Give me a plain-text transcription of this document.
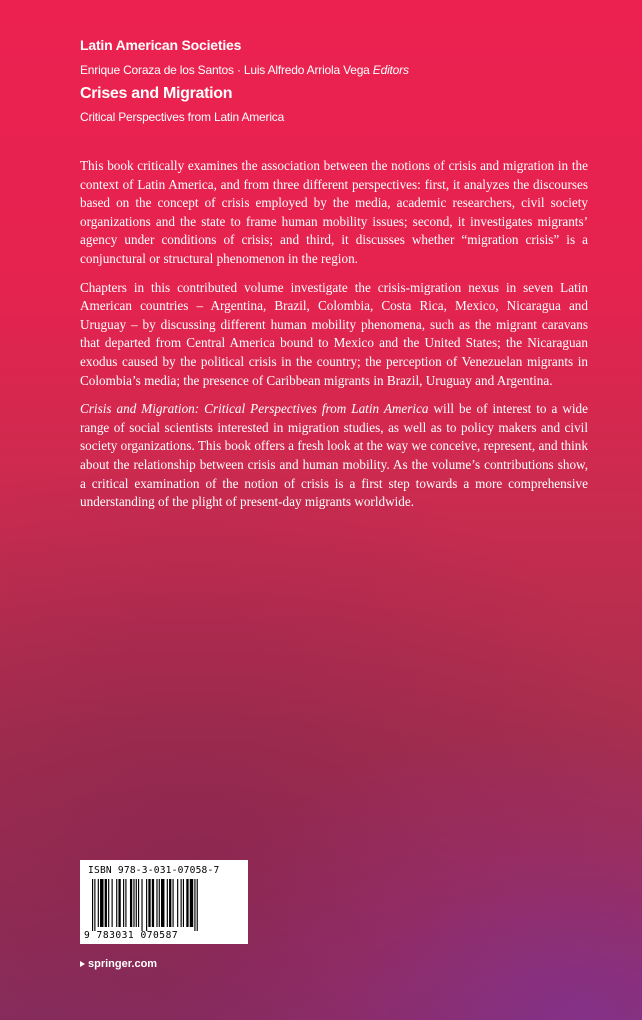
Latin American Societies
Enrique Coraza de los Santos · Luis Alfredo Arriola Vega Editors
Crises and Migration
Critical Perspectives from Latin America

This book critically examines the association between the notions of crisis and migration in the context of Latin America, and from three different perspectives: first, it analyzes the discourses based on the concept of crisis employed by the media, academic researchers, civil society organizations and the state to frame human mobility issues; second, it investigates migrants’ agency under conditions of crisis; and third, it discusses whether “migration crisis” is a conjunctural or structural phenomenon in the region.

Chapters in this contributed volume investigate the crisis-migration nexus in seven Latin American countries – Argentina, Brazil, Colombia, Costa Rica, Mexico, Nicaragua and Uruguay – by discussing different human mobility phenomena, such as the migrant caravans that departed from Central America bound to Mexico and the United States; the Nicaraguan exodus caused by the political crisis in the country; the perception of Venezuelan migrants in Colombia’s media; the presence of Caribbean migrants in Brazil, Uruguay and Argentina.

Crisis and Migration: Critical Perspectives from Latin America will be of interest to a wide range of social scientists interested in migration studies, as well as to policy makers and civil society organizations. This book offers a fresh look at the way we conceive, represent, and think about the relationship between crisis and human mobility. As the volume’s contributions show, a critical examination of the notion of crisis is a first step towards a more comprehensive understanding of the plight of present-day migrants worldwide.

ISBN 978-3-031-07058-7
9 783031 070587
springer.com
